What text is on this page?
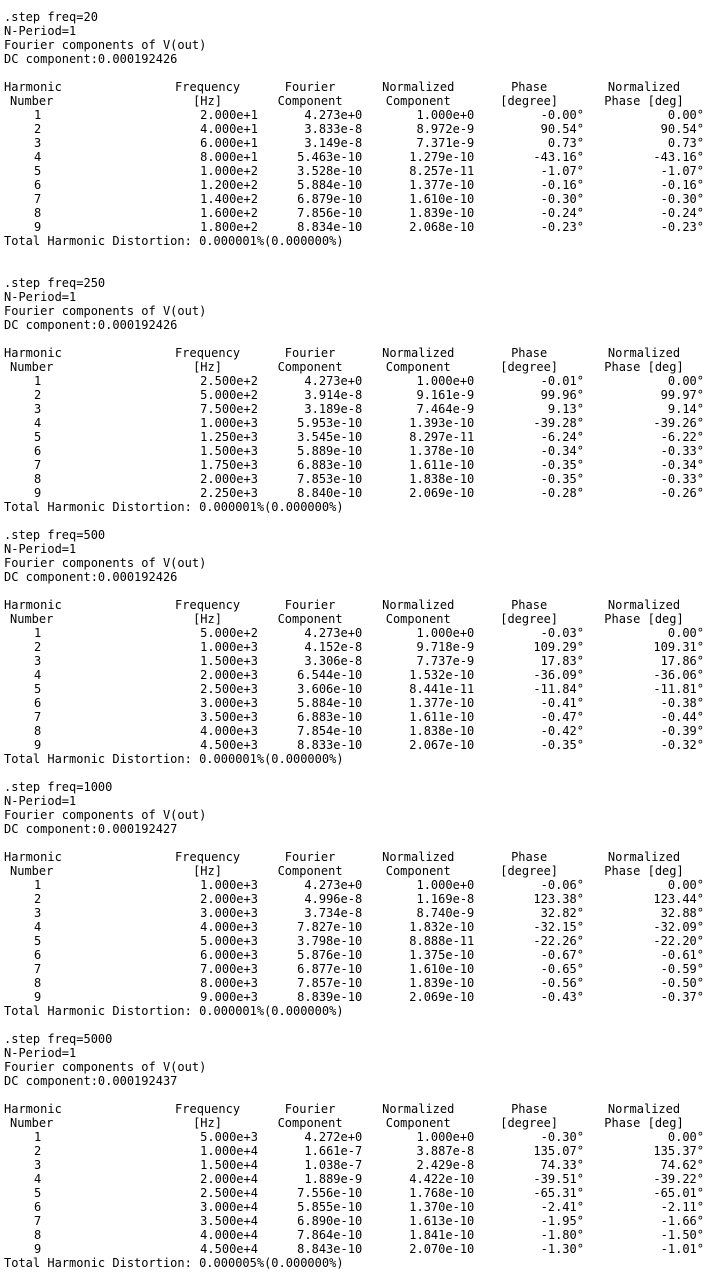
.step freq=20
N-Period=1
Fourier components of V(out)
DC component:0.000192426
Harmonic		Frequency	Fourier	Normalized	Phase	Normalized
Number		[Hz]	Component	Component	[degree]	Phase [deg]
1		2.000e+1	4.273e+0	1.000e+0	-0.00°	0.00°
2		4.000e+1	3.833e-8	8.972e-9	90.54°	90.54°
3		6.000e+1	3.149e-8	7.371e-9	0.73°	0.73°
4		8.000e+1	5.463e-10	1.279e-10	-43.16°	-43.16°
5		1.000e+2	3.528e-10	8.257e-11	-1.07°	-1.07°
6		1.200e+2	5.884e-10	1.377e-10	-0.16°	-0.16°
7		1.400e+2	6.879e-10	1.610e-10	-0.30°	-0.30°
8		1.600e+2	7.856e-10	1.839e-10	-0.24°	-0.24°
9		1.800e+2	8.834e-10	2.068e-10	-0.23°	-0.23°
Total Harmonic Distortion: 0.000001%(0.000000%)
.step freq=250
N-Period=1
Fourier components of V(out)
DC component:0.000192426
Harmonic		Frequency	Fourier	Normalized	Phase	Normalized
Number		[Hz]	Component	Component	[degree]	Phase [deg]
1		2.500e+2	4.273e+0	1.000e+0	-0.01°	0.00°
2		5.000e+2	3.914e-8	9.161e-9	99.96°	99.97°
3		7.500e+2	3.189e-8	7.464e-9	9.13°	9.14°
4		1.000e+3	5.953e-10	1.393e-10	-39.28°	-39.26°
5		1.250e+3	3.545e-10	8.297e-11	-6.24°	-6.22°
6		1.500e+3	5.889e-10	1.378e-10	-0.34°	-0.33°
7		1.750e+3	6.883e-10	1.611e-10	-0.35°	-0.34°
8		2.000e+3	7.853e-10	1.838e-10	-0.35°	-0.33°
9		2.250e+3	8.840e-10	2.069e-10	-0.28°	-0.26°
Total Harmonic Distortion: 0.000001%(0.000000%)
.step freq=500
N-Period=1
Fourier components of V(out)
DC component:0.000192426
Harmonic		Frequency	Fourier	Normalized	Phase	Normalized
Number		[Hz]	Component	Component	[degree]	Phase [deg]
1		5.000e+2	4.273e+0	1.000e+0	-0.03°	0.00°
2		1.000e+3	4.152e-8	9.718e-9	109.29°	109.31°
3		1.500e+3	3.306e-8	7.737e-9	17.83°	17.86°
4		2.000e+3	6.544e-10	1.532e-10	-36.09°	-36.06°
5		2.500e+3	3.606e-10	8.441e-11	-11.84°	-11.81°
6		3.000e+3	5.884e-10	1.377e-10	-0.41°	-0.38°
7		3.500e+3	6.883e-10	1.611e-10	-0.47°	-0.44°
8		4.000e+3	7.854e-10	1.838e-10	-0.42°	-0.39°
9		4.500e+3	8.833e-10	2.067e-10	-0.35°	-0.32°
Total Harmonic Distortion: 0.000001%(0.000000%)
.step freq=1000
N-Period=1
Fourier components of V(out)
DC component:0.000192427
Harmonic		Frequency	Fourier	Normalized	Phase	Normalized
Number		[Hz]	Component	Component	[degree]	Phase [deg]
1		1.000e+3	4.273e+0	1.000e+0	-0.06°	0.00°
2		2.000e+3	4.996e-8	1.169e-8	123.38°	123.44°
3		3.000e+3	3.734e-8	8.740e-9	32.82°	32.88°
4		4.000e+3	7.827e-10	1.832e-10	-32.15°	-32.09°
5		5.000e+3	3.798e-10	8.888e-11	-22.26°	-22.20°
6		6.000e+3	5.876e-10	1.375e-10	-0.67°	-0.61°
7		7.000e+3	6.877e-10	1.610e-10	-0.65°	-0.59°
8		8.000e+3	7.857e-10	1.839e-10	-0.56°	-0.50°
9		9.000e+3	8.839e-10	2.069e-10	-0.43°	-0.37°
Total Harmonic Distortion: 0.000001%(0.000000%)
.step freq=5000
N-Period=1
Fourier components of V(out)
DC component:0.000192437
Harmonic		Frequency	Fourier	Normalized	Phase	Normalized
Number		[Hz]	Component	Component	[degree]	Phase [deg]
1		5.000e+3	4.272e+0	1.000e+0	-0.30°	0.00°
2		1.000e+4	1.661e-7	3.887e-8	135.07°	135.37°
3		1.500e+4	1.038e-7	2.429e-8	74.33°	74.62°
4		2.000e+4	1.889e-9	4.422e-10	-39.51°	-39.22°
5		2.500e+4	7.556e-10	1.768e-10	-65.31°	-65.01°
6		3.000e+4	5.855e-10	1.370e-10	-2.41°	-2.11°
7		3.500e+4	6.890e-10	1.613e-10	-1.95°	-1.66°
8		4.000e+4	7.864e-10	1.841e-10	-1.80°	-1.50°
9		4.500e+4	8.843e-10	2.070e-10	-1.30°	-1.01°
Total Harmonic Distortion: 0.000005%(0.000000%)
